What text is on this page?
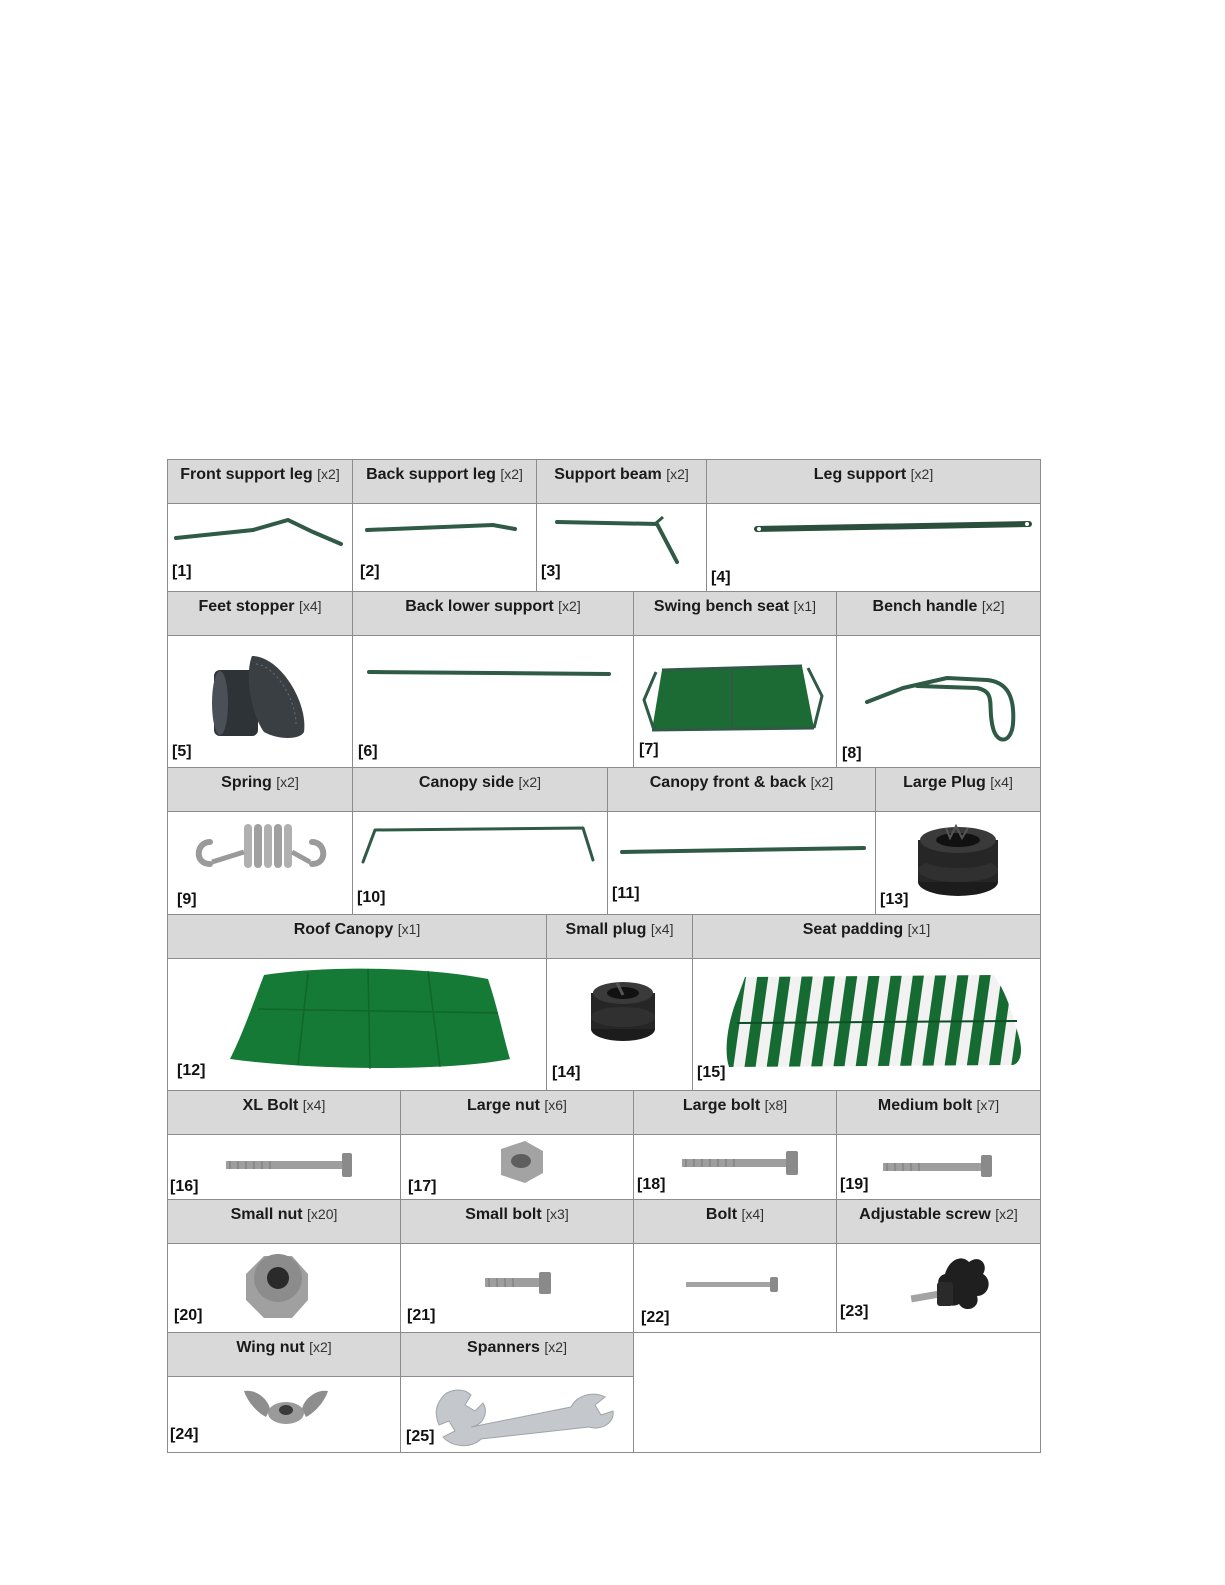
Front support leg [x2]
[1]
Back support leg [x2]
[2]
Support beam [x2]
[3]
Leg support [x2]
[4]
Feet stopper [x4]
[5]
Back lower support [x2]
[6]
Swing bench seat [x1]
[7]
Bench handle [x2]
[8]
Spring [x2]
[9]
Canopy side [x2]
[10]
Canopy front & back [x2]
[11]
Large Plug [x4]
[13]
Roof Canopy [x1]
[12]
Small plug [x4]
[14]
Seat padding [x1]
[15]
XL Bolt [x4]
[16]
Large nut [x6]
[17]
Large bolt [x8]
[18]
Medium bolt [x7]
[19]
Small nut [x20]
[20]
Small bolt [x3]
[21]
Bolt [x4]
[22]
Adjustable screw [x2]
[23]
Wing nut [x2]
[24]
Spanners [x2]
[25]
